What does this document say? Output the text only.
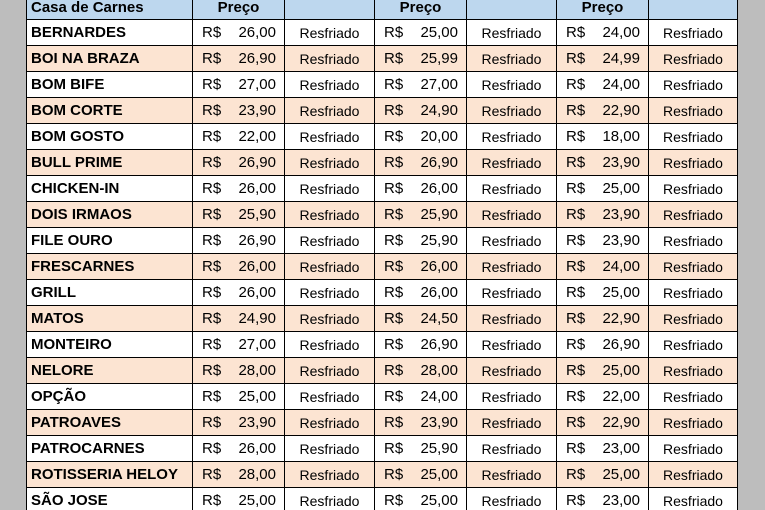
Casa de Carnes	Preço		Preço		Preço	
BERNARDES	R$ 26,00	Resfriado	R$ 25,00	Resfriado	R$ 24,00	Resfriado
BOI NA BRAZA	R$ 26,90	Resfriado	R$ 25,99	Resfriado	R$ 24,99	Resfriado
BOM BIFE	R$ 27,00	Resfriado	R$ 27,00	Resfriado	R$ 24,00	Resfriado
BOM CORTE	R$ 23,90	Resfriado	R$ 24,90	Resfriado	R$ 22,90	Resfriado
BOM GOSTO	R$ 22,00	Resfriado	R$ 20,00	Resfriado	R$ 18,00	Resfriado
BULL PRIME	R$ 26,90	Resfriado	R$ 26,90	Resfriado	R$ 23,90	Resfriado
CHICKEN-IN	R$ 26,00	Resfriado	R$ 26,00	Resfriado	R$ 25,00	Resfriado
DOIS IRMAOS	R$ 25,90	Resfriado	R$ 25,90	Resfriado	R$ 23,90	Resfriado
FILE OURO	R$ 26,90	Resfriado	R$ 25,90	Resfriado	R$ 23,90	Resfriado
FRESCARNES	R$ 26,00	Resfriado	R$ 26,00	Resfriado	R$ 24,00	Resfriado
GRILL	R$ 26,00	Resfriado	R$ 26,00	Resfriado	R$ 25,00	Resfriado
MATOS	R$ 24,90	Resfriado	R$ 24,50	Resfriado	R$ 22,90	Resfriado
MONTEIRO	R$ 27,00	Resfriado	R$ 26,90	Resfriado	R$ 26,90	Resfriado
NELORE	R$ 28,00	Resfriado	R$ 28,00	Resfriado	R$ 25,00	Resfriado
OPÇÃO	R$ 25,00	Resfriado	R$ 24,00	Resfriado	R$ 22,00	Resfriado
PATROAVES	R$ 23,90	Resfriado	R$ 23,90	Resfriado	R$ 22,90	Resfriado
PATROCARNES	R$ 26,00	Resfriado	R$ 25,90	Resfriado	R$ 23,00	Resfriado
ROTISSERIA HELOY	R$ 28,00	Resfriado	R$ 25,00	Resfriado	R$ 25,00	Resfriado
SÃO JOSE	R$ 25,00	Resfriado	R$ 25,00	Resfriado	R$ 23,00	Resfriado
